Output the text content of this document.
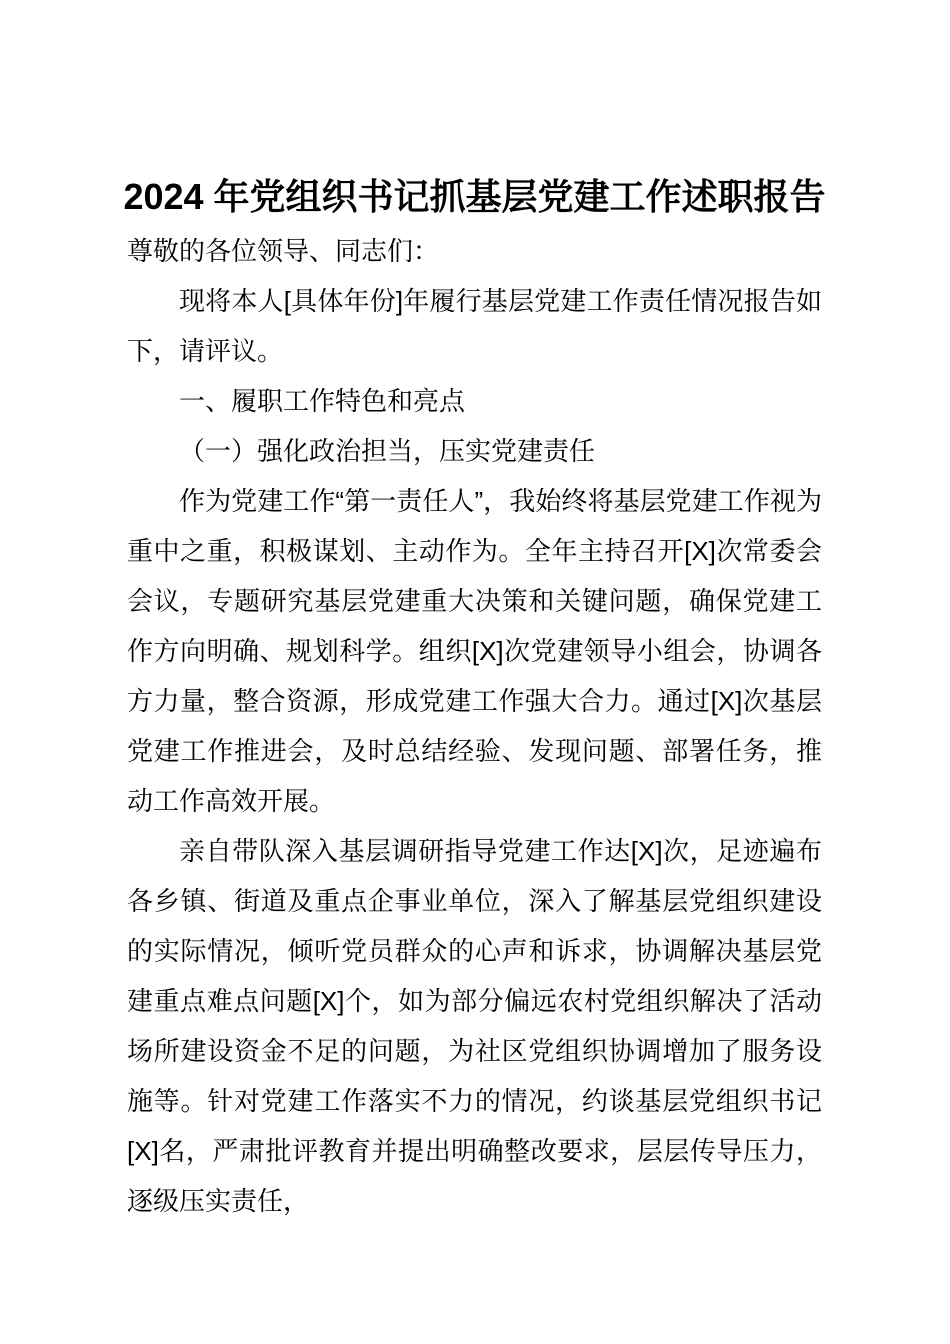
2024 年党组织书记抓基层党建工作述职报告

尊敬的各位领导、同志们：

现将本人[具体年份]年履行基层党建工作责任情况报告如下，请评议。

一、履职工作特色和亮点

（一）强化政治担当，压实党建责任

作为党建工作“第一责任人”，我始终将基层党建工作视为重中之重，积极谋划、主动作为。全年主持召开[X]次常委会会议，专题研究基层党建重大决策和关键问题，确保党建工作方向明确、规划科学。组织[X]次党建领导小组会，协调各方力量，整合资源，形成党建工作强大合力。通过[X]次基层党建工作推进会，及时总结经验、发现问题、部署任务，推动工作高效开展。

亲自带队深入基层调研指导党建工作达[X]次，足迹遍布各乡镇、街道及重点企事业单位，深入了解基层党组织建设的实际情况，倾听党员群众的心声和诉求，协调解决基层党建重点难点问题[X]个，如为部分偏远农村党组织解决了活动场所建设资金不足的问题，为社区党组织协调增加了服务设施等。针对党建工作落实不力的情况，约谈基层党组织书记[X]名，严肃批评教育并提出明确整改要求，层层传导压力，逐级压实责任，
